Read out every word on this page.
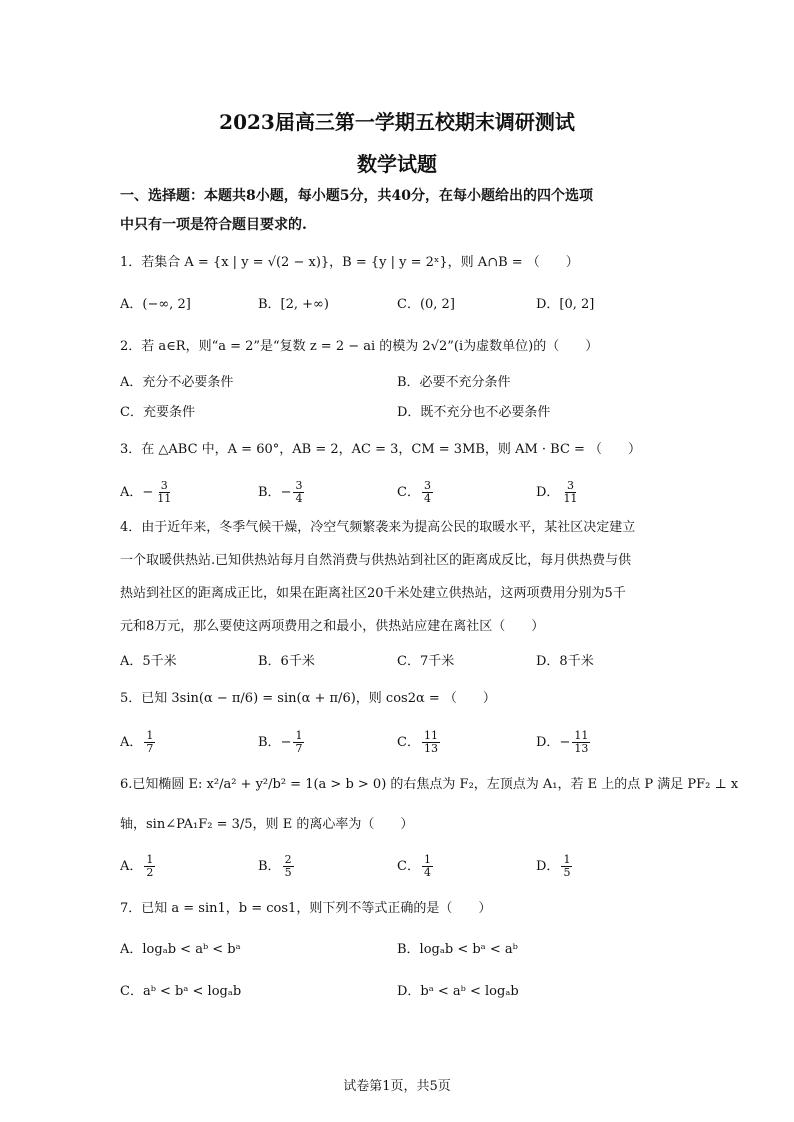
2023届高三第一学期五校期末调研测试
数学试题
一、选择题：本题共8小题，每小题5分，共40分，在每小题给出的四个选项
中只有一项是符合题目要求的.
1．若集合 A = {x | y = √(2 − x)}，B = {y | y = 2ˣ}，则 A∩B = （　　）
A．(−∞, 2]	B．[2, +∞)	C．(0, 2]	D．[0, 2]
2．若 a∈R，则“a = 2”是“复数 z = 2 − ai 的模为 2√2”(i为虚数单位)的（　　）
A．充分不必要条件	B．必要不充分条件
C．充要条件	D．既不充分也不必要条件
3．在 △ABC 中，A = 60°，AB = 2，AC = 3，CM = 3MB，则 AM · BC = （　　）
A．− $\frac{3}{11}$	B．− $\frac{3}{4}$	C． $\frac{3}{4}$	D． $\frac{3}{11}$
4．由于近年来，冬季气候干燥，冷空气频繁袭来为提高公民的取暖水平，某社区决定建立
一个取暖供热站.已知供热站每月自然消费与供热站到社区的距离成反比，每月供热费与供
热站到社区的距离成正比，如果在距离社区20千米处建立供热站，这两项费用分别为5千
元和8万元，那么要使这两项费用之和最小，供热站应建在离社区（　　）
A．5千米	B．6千米	C．7千米	D．8千米
5．已知 3sin(α − π/6) = sin(α + π/6)，则 cos2α = （　　）
A． $\frac{1}{7}$	B．− $\frac{1}{7}$	C． $\frac{11}{13}$	D．− $\frac{11}{13}$
6.已知椭圆 E: x²/a² + y²/b² = 1(a > b > 0) 的右焦点为 F₂，左顶点为 A₁，若 E 上的点 P 满足 PF₂ ⊥ x
轴，sin∠PA₁F₂ = 3/5，则 E 的离心率为（　　）
A． $\frac{1}{2}$	B． $\frac{2}{5}$	C． $\frac{1}{4}$	D． $\frac{1}{5}$
7．已知 a = sin1，b = cos1，则下列不等式正确的是（　　）
A．logₐb < aᵇ < bᵃ	B．logₐb < bᵃ < aᵇ
C．aᵇ < bᵃ < logₐb	D．bᵃ < aᵇ < logₐb
试卷第1页，共5页
